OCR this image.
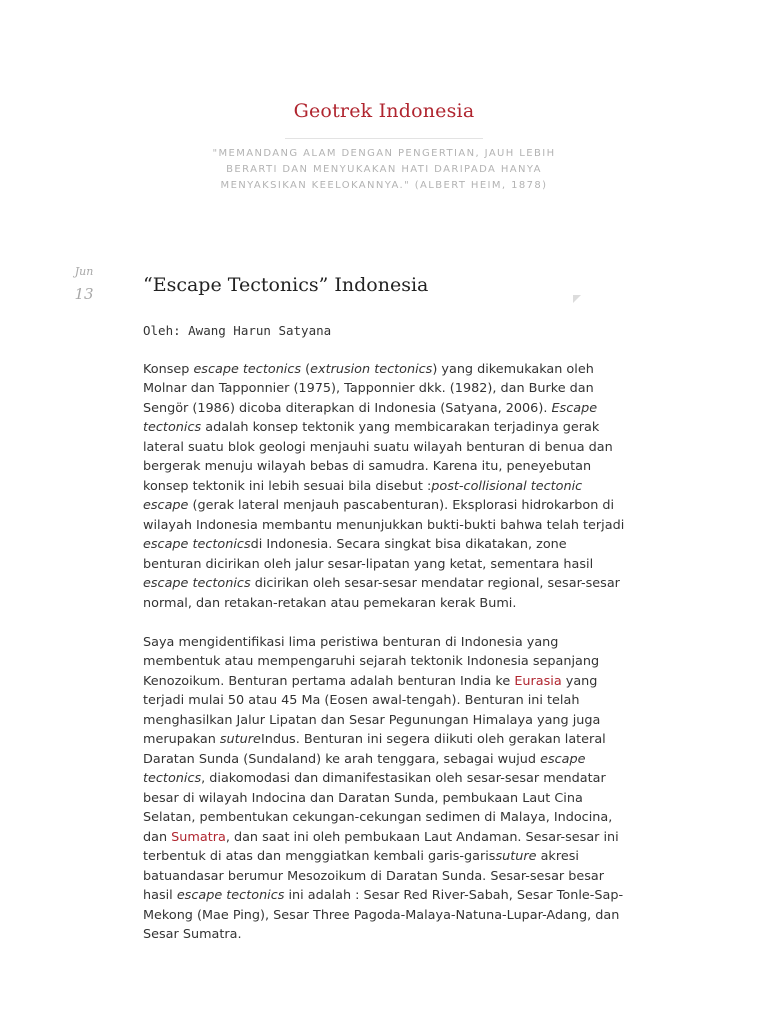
Geotrek Indonesia
"MEMANDANG ALAM DENGAN PENGERTIAN, JAUH LEBIH BERARTI DAN MENYUKAKAN HATI DARIPADA HANYA MENYAKSIKAN KEELOKANNYA." (ALBERT HEIM, 1878)
Jun
13	“Escape Tectonics” Indonesia

Oleh: Awang Harun Satyana

Konsep escape tectonics (extrusion tectonics) yang dikemukakan oleh Molnar dan Tapponnier (1975), Tapponnier dkk. (1982), dan Burke dan Sengör (1986) dicoba diterapkan di Indonesia (Satyana, 2006). Escape tectonics adalah konsep tektonik yang membicarakan terjadinya gerak lateral suatu blok geologi menjauhi suatu wilayah benturan di benua dan bergerak menuju wilayah bebas di samudra. Karena itu, peneyebutan konsep tektonik ini lebih sesuai bila disebut :post-collisional tectonic escape (gerak lateral menjauh pascabenturan). Eksplorasi hidrokarbon di wilayah Indonesia membantu menunjukkan bukti-bukti bahwa telah terjadi escape tectonicsdi Indonesia. Secara singkat bisa dikatakan, zone benturan dicirikan oleh jalur sesar-lipatan yang ketat, sementara hasil escape tectonics dicirikan oleh sesar-sesar mendatar regional, sesar-sesar normal, dan retakan-retakan atau pemekaran kerak Bumi.

Saya mengidentifikasi lima peristiwa benturan di Indonesia yang membentuk atau mempengaruhi sejarah tektonik Indonesia sepanjang Kenozoikum. Benturan pertama adalah benturan India ke Eurasia yang terjadi mulai 50 atau 45 Ma (Eosen awal-tengah). Benturan ini telah menghasilkan Jalur Lipatan dan Sesar Pegunungan Himalaya yang juga merupakan sutureIndus. Benturan ini segera diikuti oleh gerakan lateral Daratan Sunda (Sundaland) ke arah tenggara, sebagai wujud escape tectonics, diakomodasi dan dimanifestasikan oleh sesar-sesar mendatar besar di wilayah Indocina dan Daratan Sunda, pembukaan Laut Cina Selatan, pembentukan cekungan-cekungan sedimen di Malaya, Indocina, dan Sumatra, dan saat ini oleh pembukaan Laut Andaman. Sesar-sesar ini terbentuk di atas dan menggiatkan kembali garis-garissuture akresi batuandasar berumur Mesozoikum di Daratan Sunda. Sesar-sesar besar hasil escape tectonics ini adalah : Sesar Red River-Sabah, Sesar Tonle-Sap-Mekong (Mae Ping), Sesar Three Pagoda-Malaya-Natuna-Lupar-Adang, dan Sesar Sumatra.
